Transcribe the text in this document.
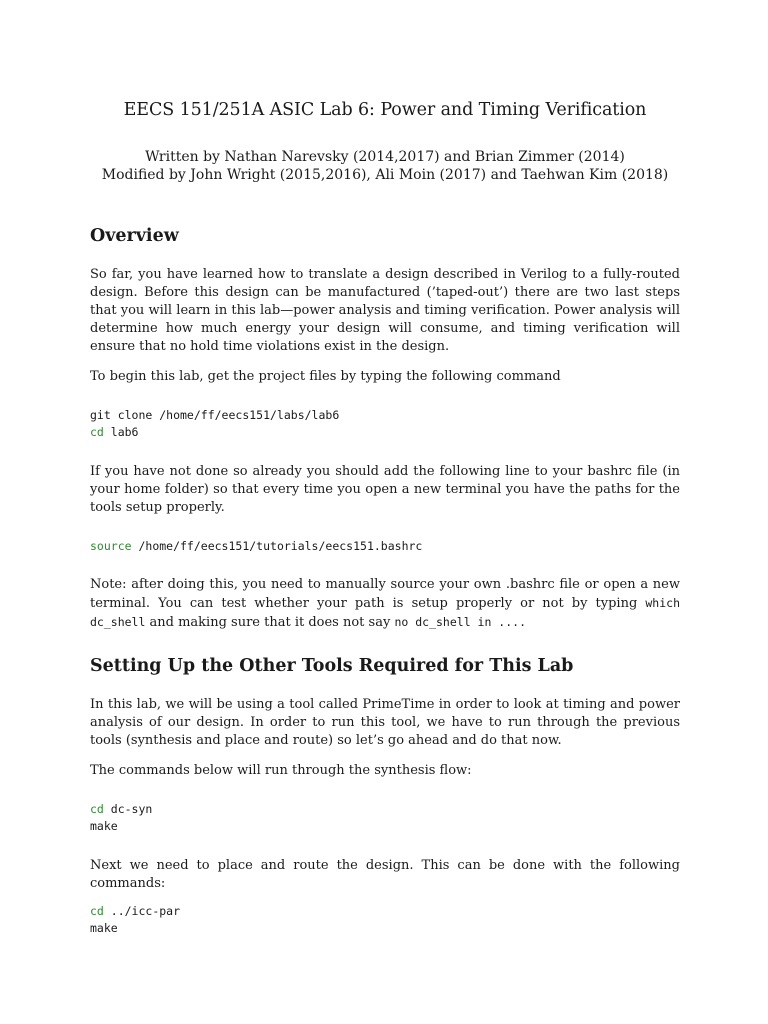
EECS 151/251A ASIC Lab 6: Power and Timing Verification
Written by Nathan Narevsky (2014,2017) and Brian Zimmer (2014)
Modified by John Wright (2015,2016), Ali Moin (2017) and Taehwan Kim (2018)
Overview
So far, you have learned how to translate a design described in Verilog to a fully-routed design. Before this design can be manufactured (’taped-out’) there are two last steps that you will learn in this lab—power analysis and timing verification. Power analysis will determine how much energy your design will consume, and timing verification will ensure that no hold time violations exist in the design.
To begin this lab, get the project files by typing the following command
git clone /home/ff/eecs151/labs/lab6
cd lab6
If you have not done so already you should add the following line to your bashrc file (in your home folder) so that every time you open a new terminal you have the paths for the tools setup properly.
source /home/ff/eecs151/tutorials/eecs151.bashrc
Note: after doing this, you need to manually source your own .bashrc file or open a new terminal. You can test whether your path is setup properly or not by typing which dc_shell and making sure that it does not say no dc_shell in ....
Setting Up the Other Tools Required for This Lab
In this lab, we will be using a tool called PrimeTime in order to look at timing and power analysis of our design. In order to run this tool, we have to run through the previous tools (synthesis and place and route) so let’s go ahead and do that now.
The commands below will run through the synthesis flow:
cd dc-syn
make
Next we need to place and route the design. This can be done with the following commands:
cd ../icc-par
make
